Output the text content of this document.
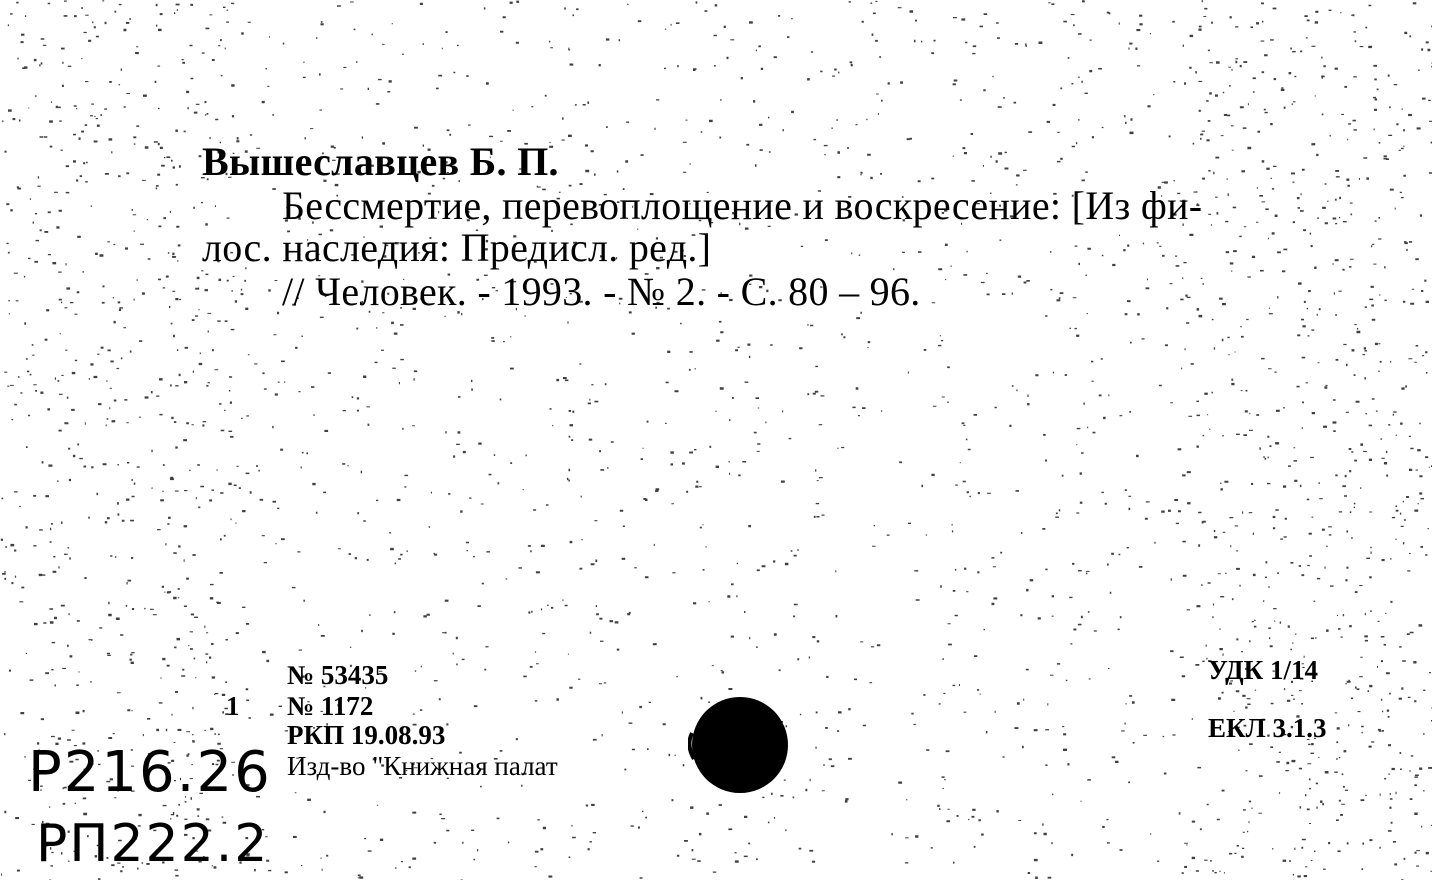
Вышеславцев Б. П.
Бессмертие, перевоплощение и воскресение: [Из фи-
лос. наследия: Предисл. ред.]
// Человек. - 1993. - № 2. - С. 80 – 96.
№ 53435
1 № 1172
РКП 19.08.93
Изд-во "Книжная палат
УДК 1/14
ЕКЛ 3.1.3
P216.26
PП222.2
